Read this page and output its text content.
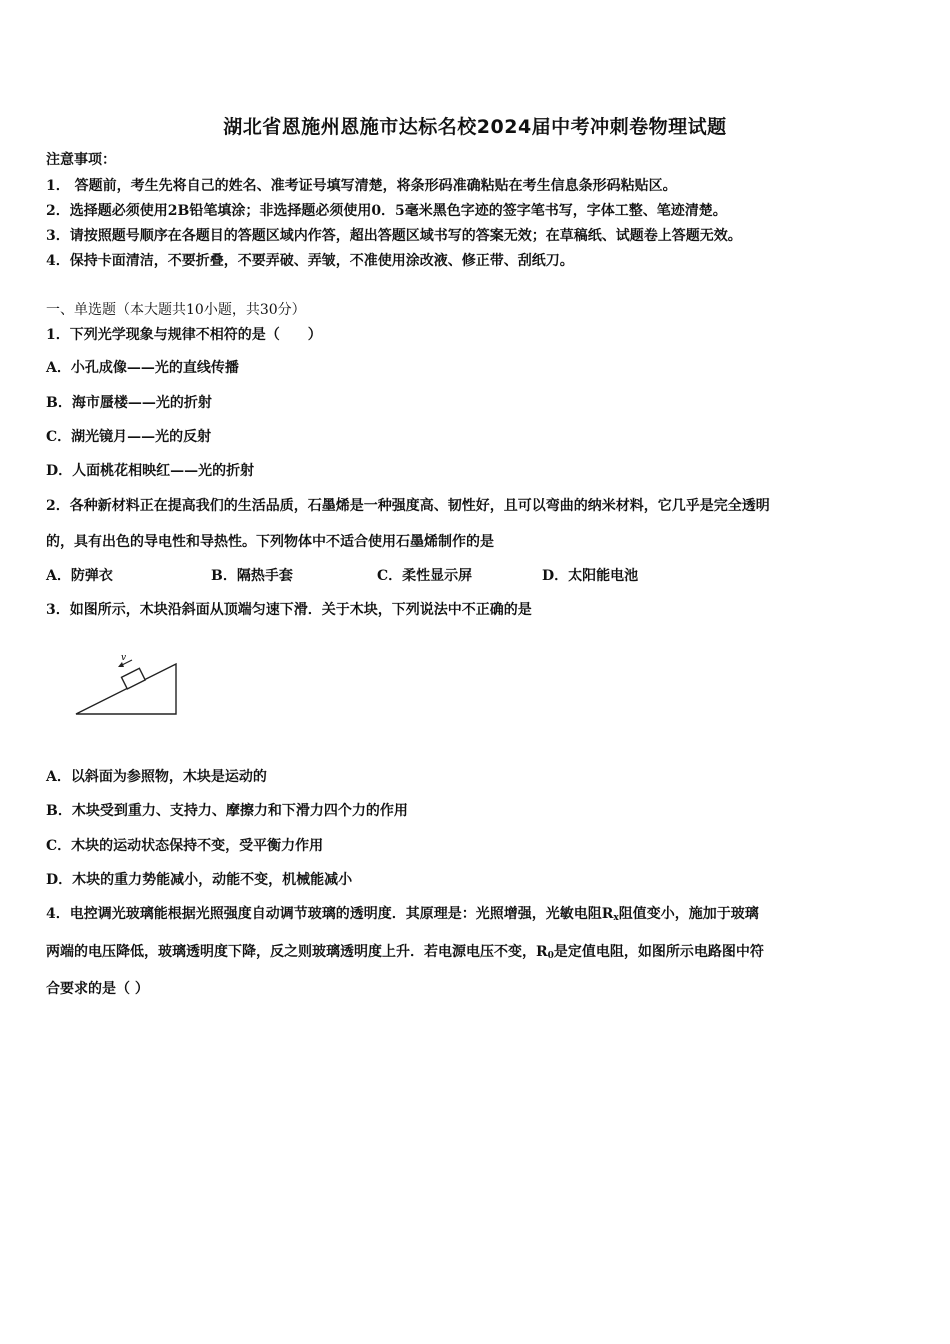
湖北省恩施州恩施市达标名校2024届中考冲刺卷物理试题
注意事项：
1． 答题前，考生先将自己的姓名、准考证号填写清楚，将条形码准确粘贴在考生信息条形码粘贴区。
2．选择题必须使用2B铅笔填涂；非选择题必须使用0．5毫米黑色字迹的签字笔书写，字体工整、笔迹清楚。
3．请按照题号顺序在各题目的答题区域内作答，超出答题区域书写的答案无效；在草稿纸、试题卷上答题无效。
4．保持卡面清洁，不要折叠，不要弄破、弄皱，不准使用涂改液、修正带、刮纸刀。
一、单选题（本大题共10小题，共30分）
1．下列光学现象与规律不相符的是（　　）
A．小孔成像——光的直线传播
B．海市蜃楼——光的折射
C．湖光镜月——光的反射
D．人面桃花相映红——光的折射
2．各种新材料正在提高我们的生活品质，石墨烯是一种强度高、韧性好，且可以弯曲的纳米材料，它几乎是完全透明
的，具有出色的导电性和导热性。下列物体中不适合使用石墨烯制作的是
A．防弹衣	B．隔热手套	C．柔性显示屏	D．太阳能电池
3．如图所示，木块沿斜面从顶端匀速下滑．关于木块，下列说法中不正确的是
v
A．以斜面为参照物，木块是运动的
B．木块受到重力、支持力、摩擦力和下滑力四个力的作用
C．木块的运动状态保持不变，受平衡力作用
D．木块的重力势能减小，动能不变，机械能减小
4．电控调光玻璃能根据光照强度自动调节玻璃的透明度．其原理是：光照增强，光敏电阻$R_x$阻值变小，施加于玻璃
两端的电压降低，玻璃透明度下降，反之则玻璃透明度上升．若电源电压不变，$R_0$是定值电阻，如图所示电路图中符
合要求的是（ ）
